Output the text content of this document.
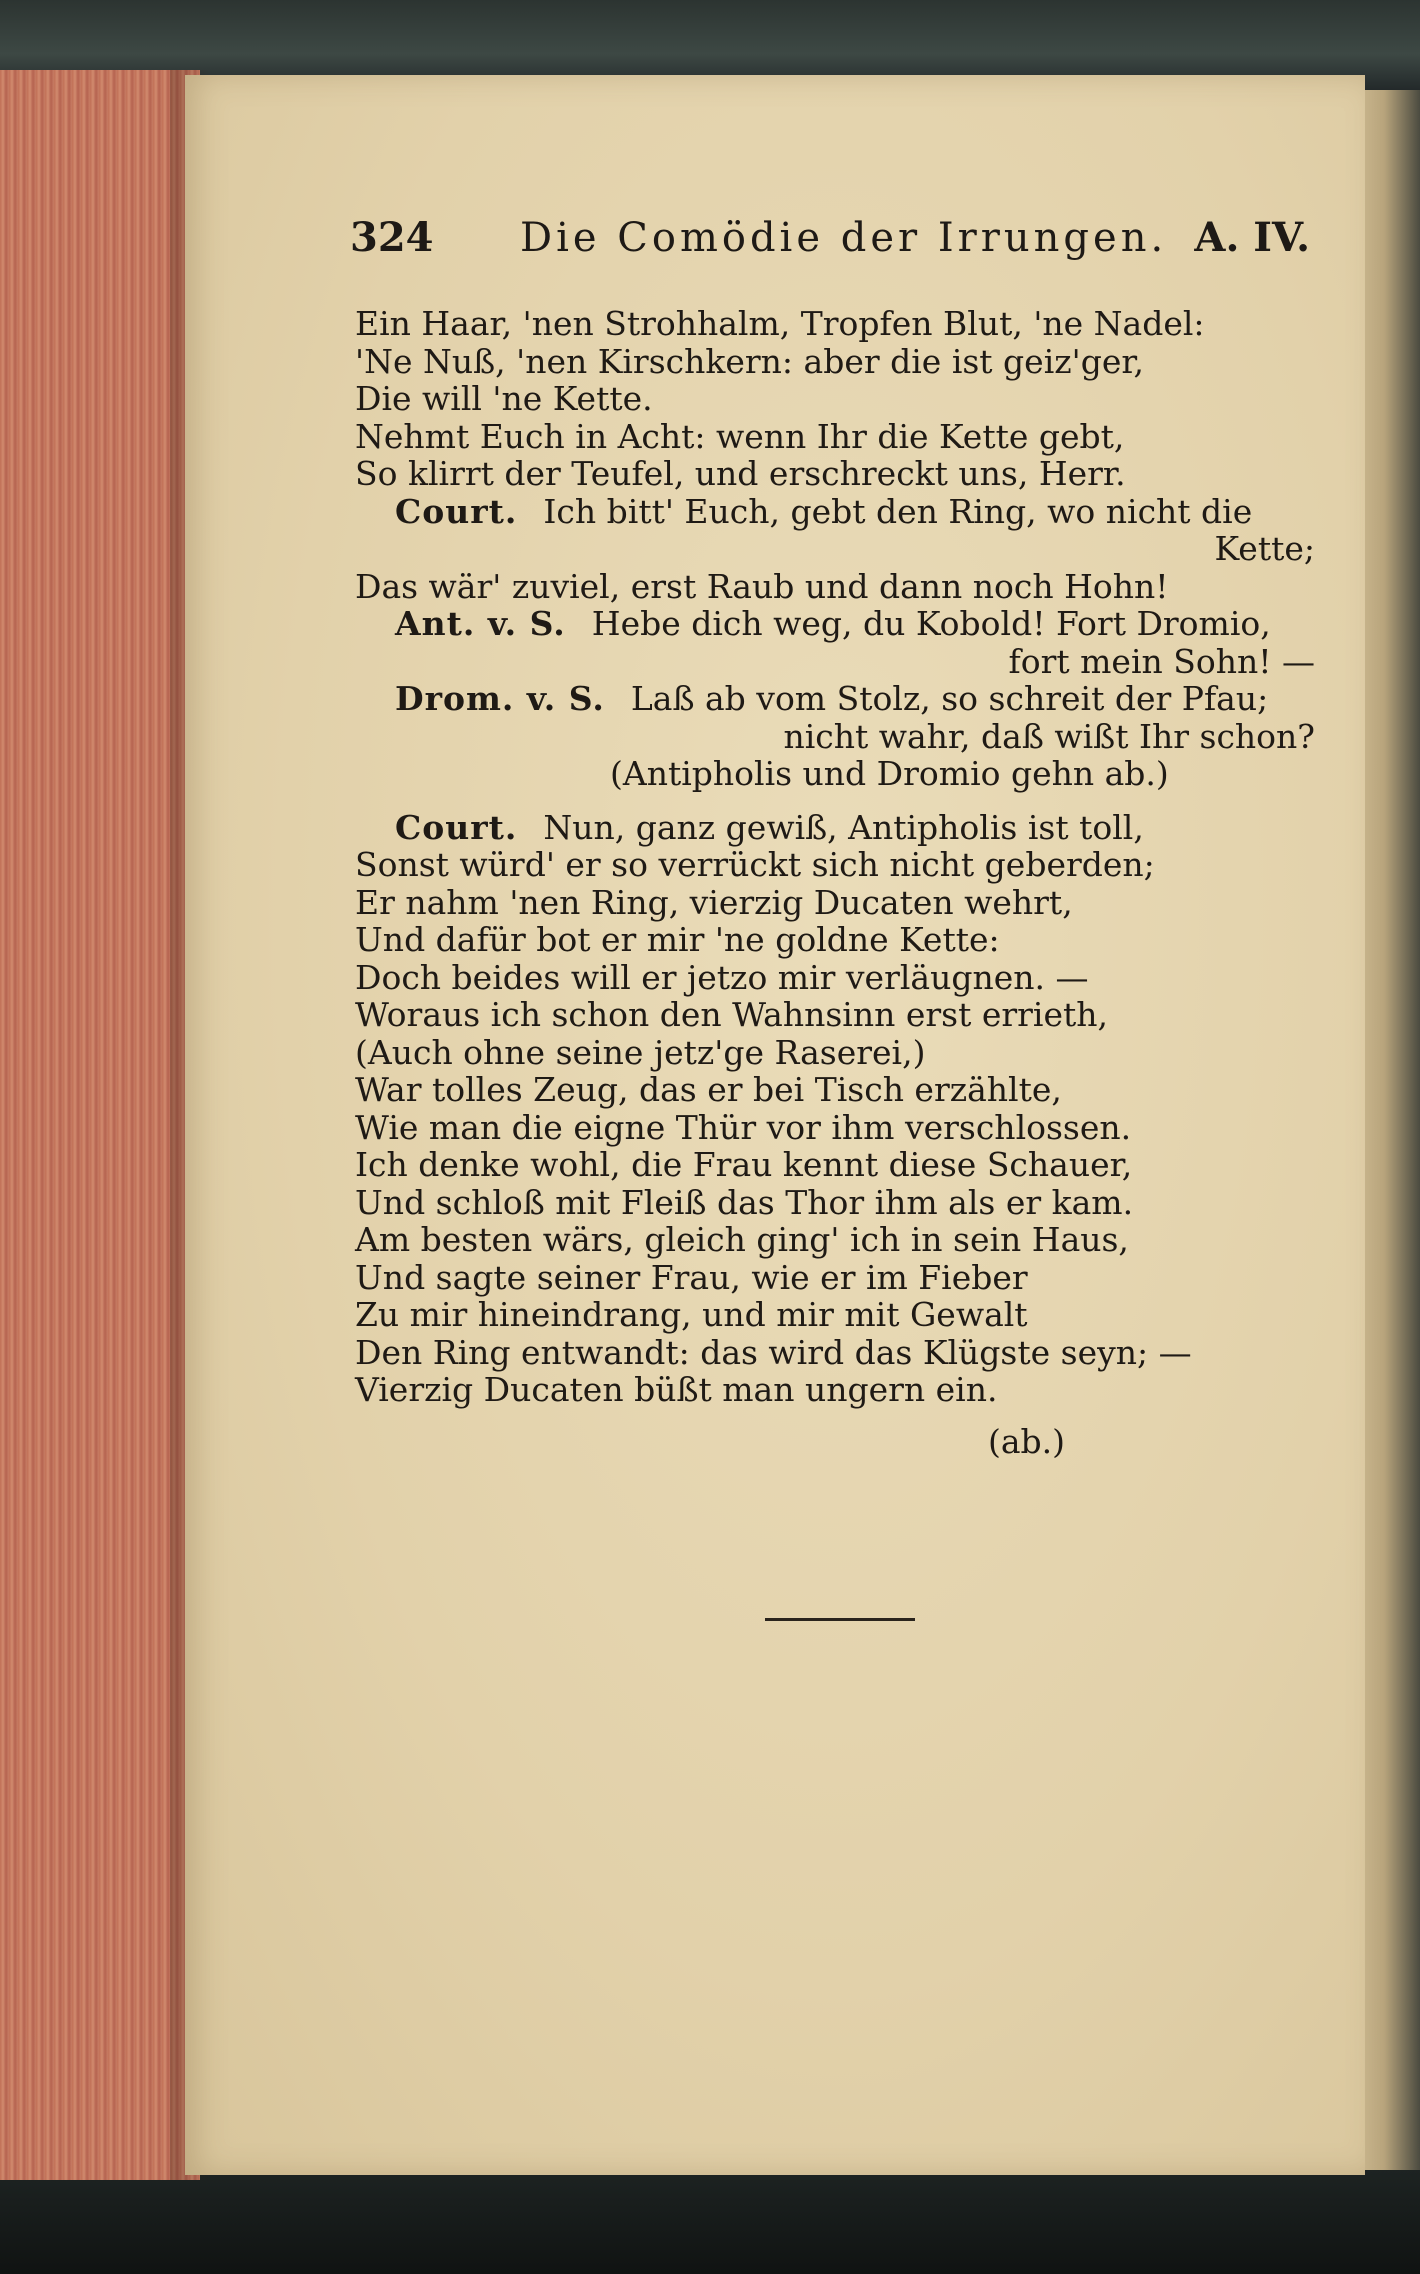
324 Die Comödie der Irrungen. A. IV.
Ein Haar, 'nen Strohhalm, Tropfen Blut, 'ne Nadel:
'Ne Nuß, 'nen Kirschkern: aber die ist geiz'ger,
Die will 'ne Kette.
Nehmt Euch in Acht: wenn Ihr die Kette gebt,
So klirrt der Teufel, und erschreckt uns, Herr.
Court. Ich bitt' Euch, gebt den Ring, wo nicht die
Kette;
Das wär' zuviel, erst Raub und dann noch Hohn!
Ant. v. S. Hebe dich weg, du Kobold! Fort Dromio,
fort mein Sohn! —
Drom. v. S. Laß ab vom Stolz, so schreit der Pfau;
nicht wahr, daß wißt Ihr schon?
(Antipholis und Dromio gehn ab.)
Court. Nun, ganz gewiß, Antipholis ist toll,
Sonst würd' er so verrückt sich nicht geberden;
Er nahm 'nen Ring, vierzig Ducaten wehrt,
Und dafür bot er mir 'ne goldne Kette:
Doch beides will er jetzo mir verläugnen. —
Woraus ich schon den Wahnsinn erst errieth,
(Auch ohne seine jetz'ge Raserei,)
War tolles Zeug, das er bei Tisch erzählte,
Wie man die eigne Thür vor ihm verschlossen.
Ich denke wohl, die Frau kennt diese Schauer,
Und schloß mit Fleiß das Thor ihm als er kam.
Am besten wärs, gleich ging' ich in sein Haus,
Und sagte seiner Frau, wie er im Fieber
Zu mir hineindrang, und mir mit Gewalt
Den Ring entwandt: das wird das Klügste seyn; —
Vierzig Ducaten büßt man ungern ein.
(ab.)
